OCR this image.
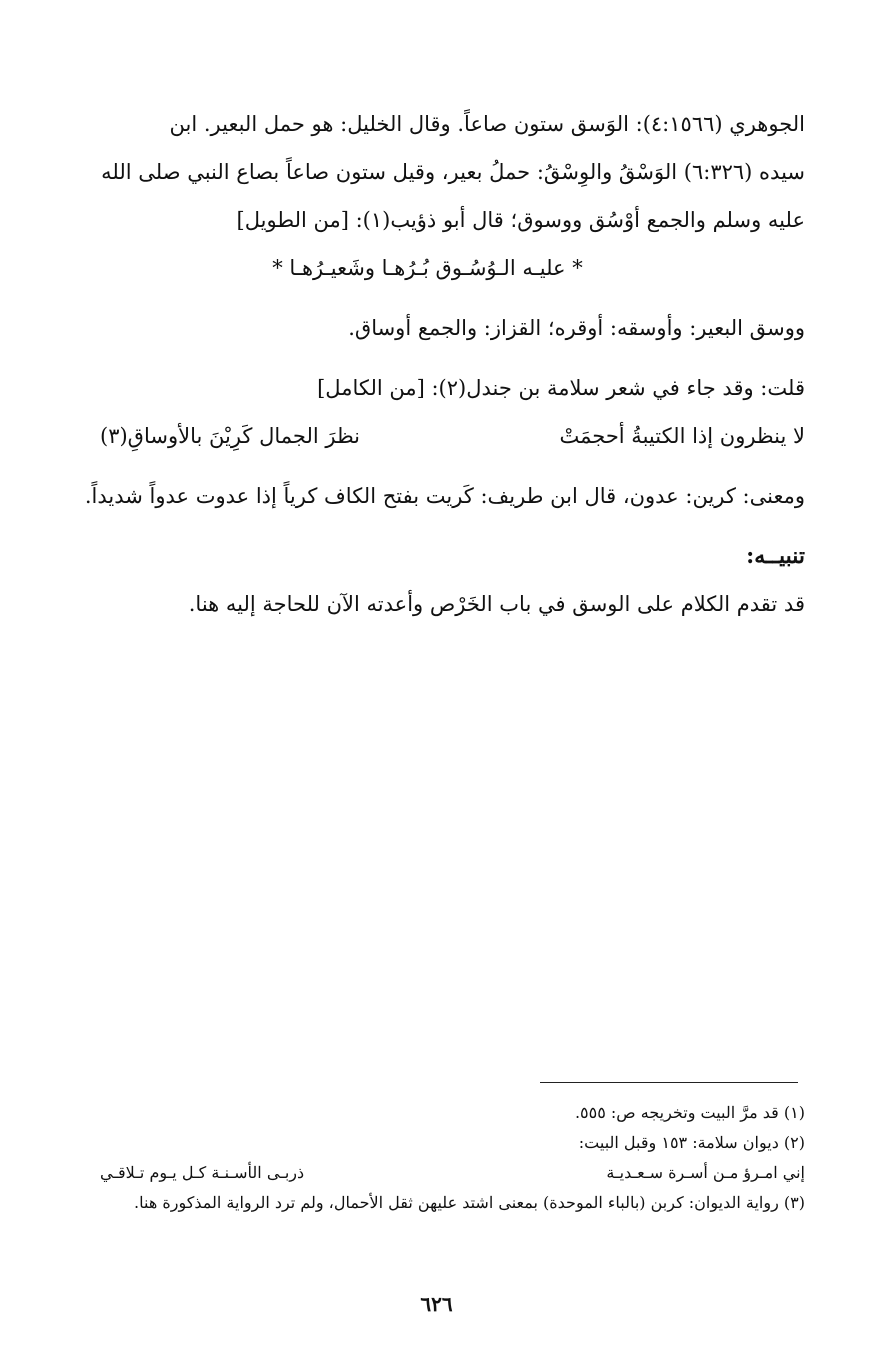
الجوهري (٤:١٥٦٦): الوَسق ستون صاعاً. وقال الخليل: هو حمل البعير. ابن
سيده (٦:٣٢٦) الوَسْقُ والوِسْقُ: حملُ بعير، وقيل ستون صاعاً بصاع النبي صلى الله
عليه وسلم والجمع أوْسُق ووسوق؛ قال أبو ذؤيب(١): [من الطويل]

* عليـه الـوُسُـوق بُـرُهـا وشَعيـرُهـا *

ووسق البعير: وأوسقه: أوقره؛ القزاز: والجمع أوساق.

قلت: وقد جاء في شعر سلامة بن جندل(٢): [من الكامل]

لا ينظرون إذا الكتيبةُ أحجمَتْ
نظرَ الجمال كَرِيْنَ بالأوساقِ(٣)

ومعنى: كرين: عدون، قال ابن طريف: كَريت بفتح الكاف كرياً إذا عدوت عدواً شديداً.

تنبيــه:

قد تقدم الكلام على الوسق في باب الخَرْص وأعدته الآن للحاجة إليه هنا.

(١) قد مرَّ البيت وتخريجه ص: ٥٥٥.

(٢) ديوان سلامة: ١٥٣ وقبل البيت:

إني امـرؤ مـن أسـرة سـعـديـة
ذربـى الأسـنـة كـل يـوم تـلاقـي

(٣) رواية الديوان: كربن (بالباء الموحدة) بمعنى اشتد عليهن ثقل الأحمال، ولم ترد الرواية المذكورة هنا.

٦٢٦
